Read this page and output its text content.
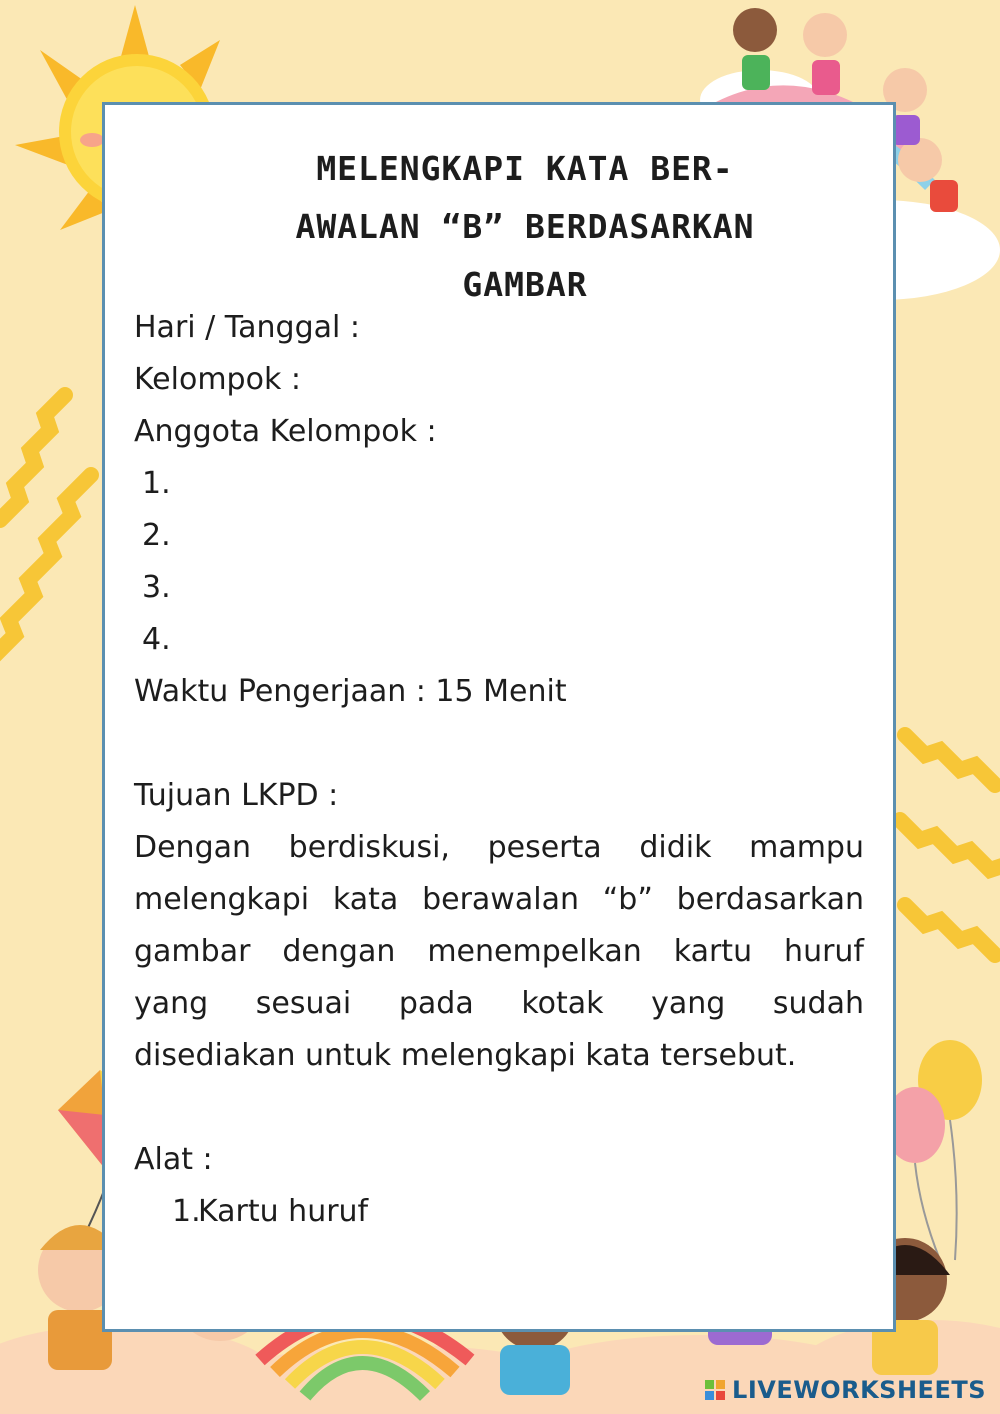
MELENGKAPI KATA BER-
AWALAN “B” BERDASARKAN
GAMBAR
Hari / Tanggal :
Kelompok :
Anggota Kelompok :
1.
2.
3.
4.
Waktu Pengerjaan : 15 Menit
Tujuan LKPD :
Dengan berdiskusi, peserta didik mampu
melengkapi kata berawalan “b” berdasarkan
gambar dengan menempelkan kartu huruf
yang sesuai pada kotak yang sudah
disediakan untuk melengkapi kata tersebut.
Alat :
1.Kartu huruf
LIVEWORKSHEETS
